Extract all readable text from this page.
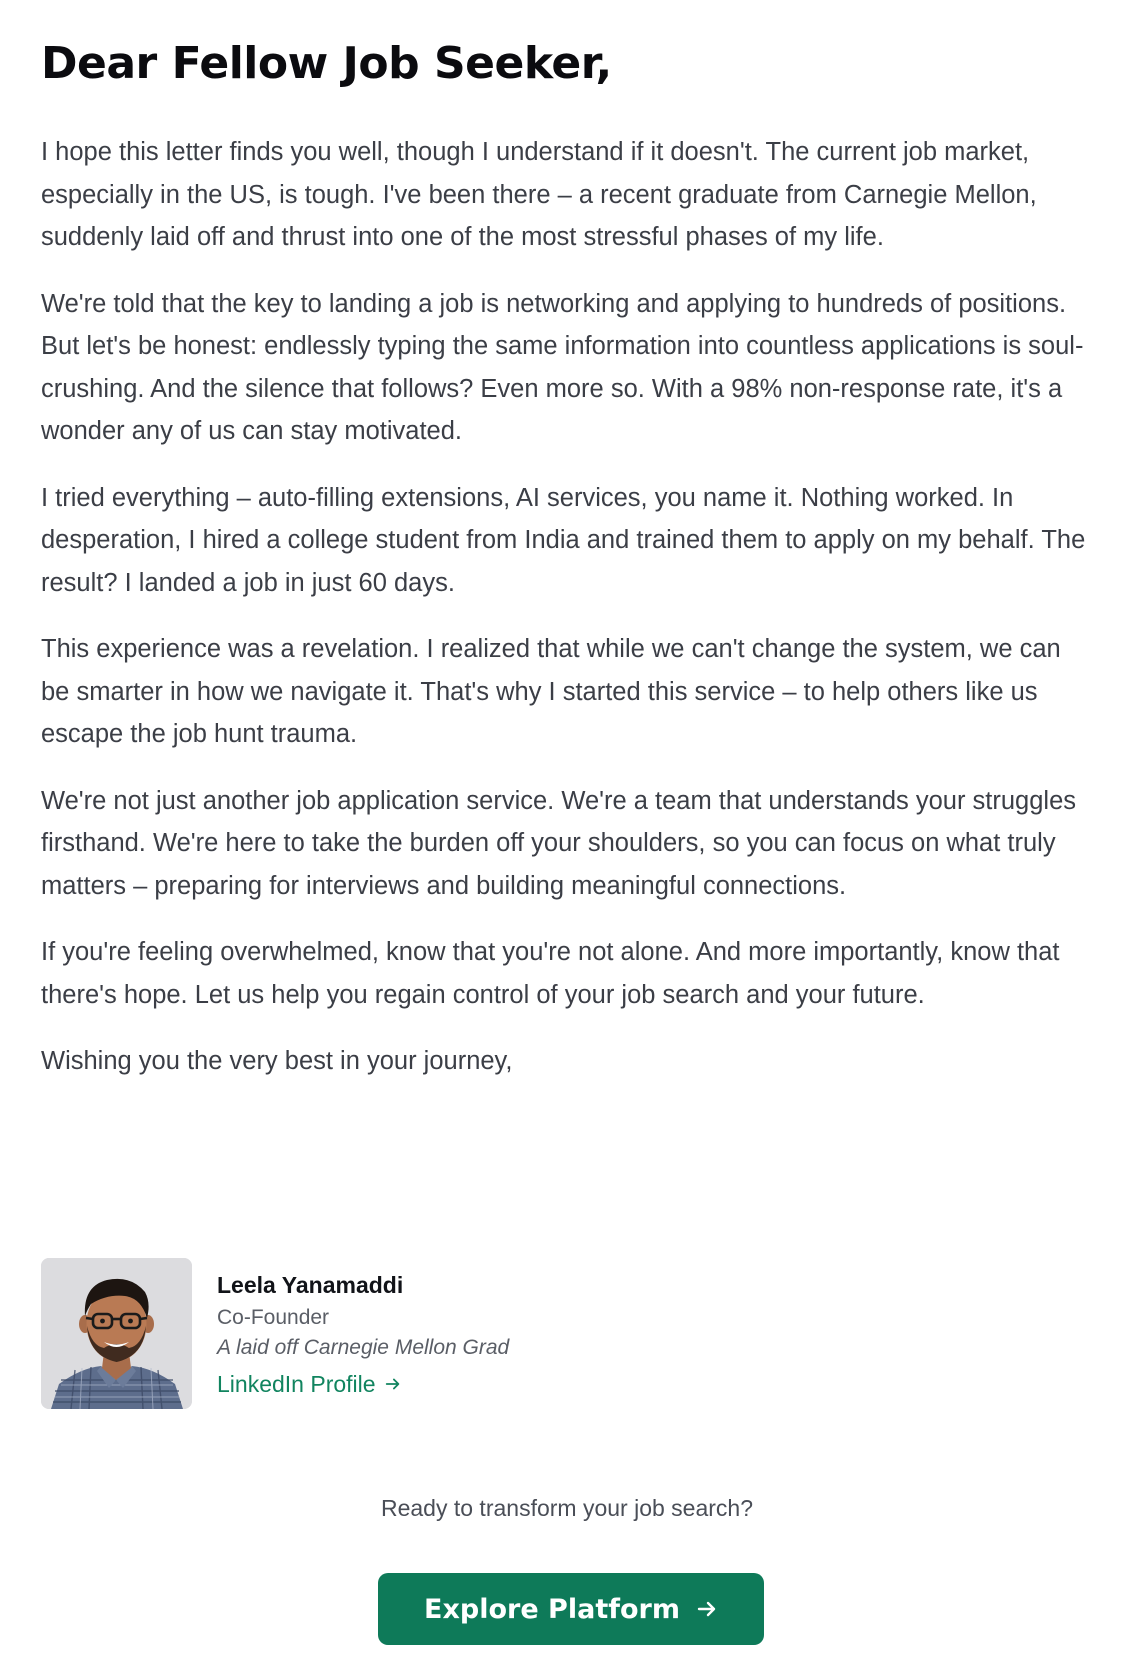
Dear Fellow Job Seeker,

I hope this letter finds you well, though I understand if it doesn't. The current job market, especially in the US, is tough. I've been there – a recent graduate from Carnegie Mellon, suddenly laid off and thrust into one of the most stressful phases of my life.

We're told that the key to landing a job is networking and applying to hundreds of positions. But let's be honest: endlessly typing the same information into countless applications is soul-crushing. And the silence that follows? Even more so. With a 98% non-response rate, it's a wonder any of us can stay motivated.

I tried everything – auto-filling extensions, AI services, you name it. Nothing worked. In desperation, I hired a college student from India and trained them to apply on my behalf. The result? I landed a job in just 60 days.

This experience was a revelation. I realized that while we can't change the system, we can be smarter in how we navigate it. That's why I started this service – to help others like us escape the job hunt trauma.

We're not just another job application service. We're a team that understands your struggles firsthand. We're here to take the burden off your shoulders, so you can focus on what truly matters – preparing for interviews and building meaningful connections.

If you're feeling overwhelmed, know that you're not alone. And more importantly, know that there's hope. Let us help you regain control of your job search and your future.

Wishing you the very best in your journey,

Leela Yanamaddi
Co-Founder
A laid off Carnegie Mellon Grad
LinkedIn Profile
Ready to transform your job search?
Explore Platform
